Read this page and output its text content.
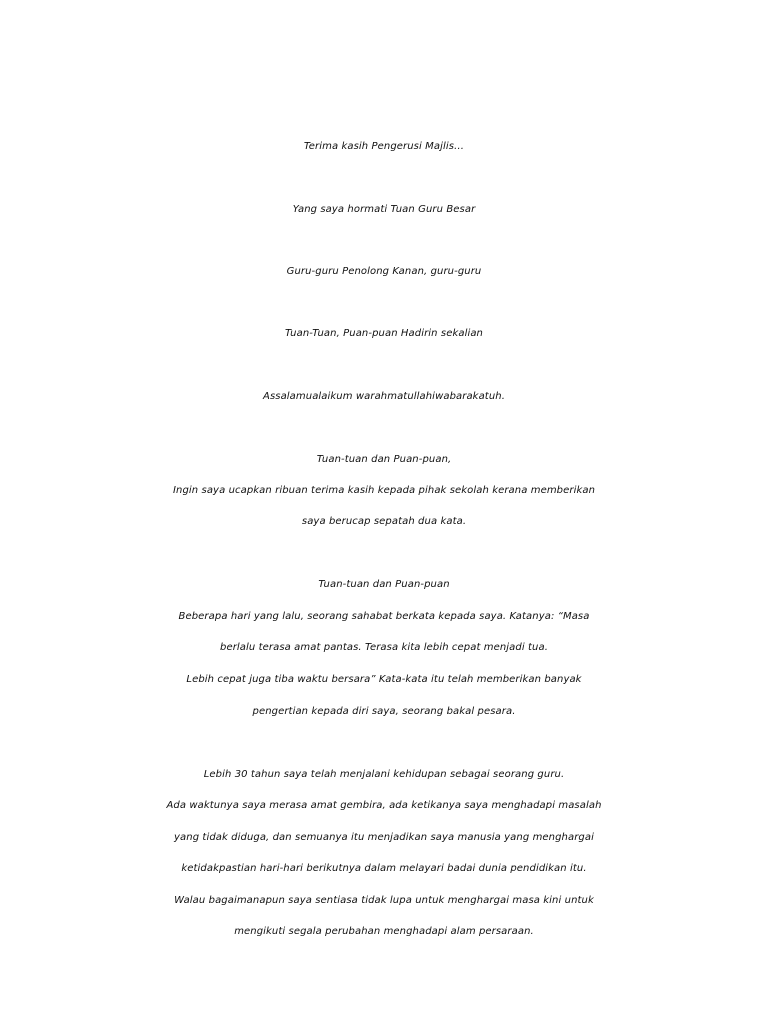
Terima kasih Pengerusi Majlis…
Yang saya hormati Tuan Guru Besar
Guru-guru Penolong Kanan, guru-guru
Tuan-Tuan, Puan-puan Hadirin sekalian
Assalamualaikum warahmatullahiwabarakatuh.
Tuan-tuan dan Puan-puan,
Ingin saya ucapkan ribuan terima kasih kepada pihak sekolah kerana memberikan
saya berucap sepatah dua kata.
Tuan-tuan dan Puan-puan
Beberapa hari yang lalu, seorang sahabat berkata kepada saya. Katanya: “Masa
berlalu terasa amat pantas. Terasa kita lebih cepat menjadi tua.
Lebih cepat juga tiba waktu bersara” Kata-kata itu telah memberikan banyak
pengertian kepada diri saya, seorang bakal pesara.
Lebih 30 tahun saya telah menjalani kehidupan sebagai seorang guru.
Ada waktunya saya merasa amat gembira, ada ketikanya saya menghadapi masalah
yang tidak diduga, dan semuanya itu menjadikan saya manusia yang menghargai
ketidakpastian hari-hari berikutnya dalam melayari badai dunia pendidikan itu.
Walau bagaimanapun saya sentiasa tidak lupa untuk menghargai masa kini untuk
mengikuti segala perubahan menghadapi alam persaraan.
